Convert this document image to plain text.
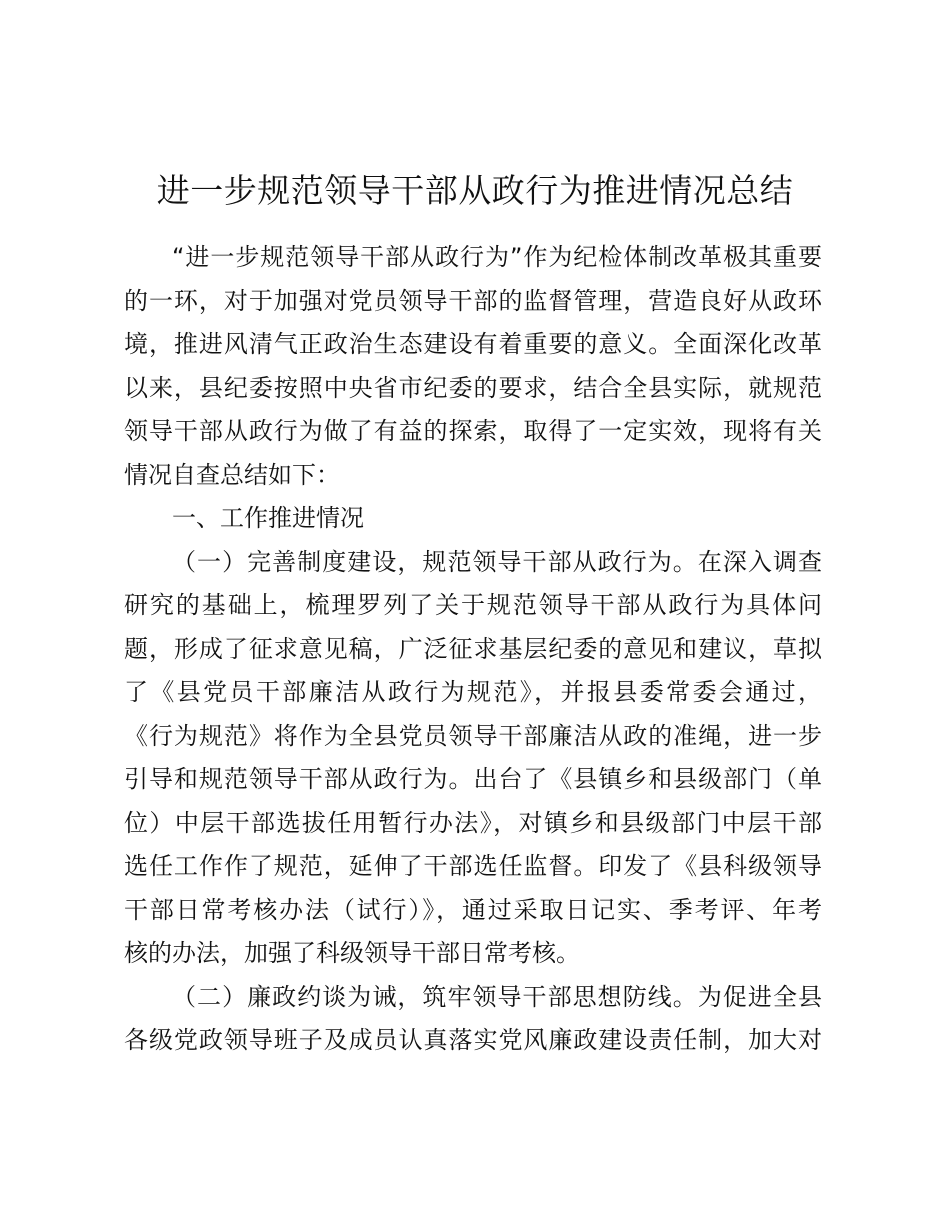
进一步规范领导干部从政行为推进情况总结
“进一步规范领导干部从政行为”作为纪检体制改革极其重要
的一环，对于加强对党员领导干部的监督管理，营造良好从政环
境，推进风清气正政治生态建设有着重要的意义。全面深化改革
以来，县纪委按照中央省市纪委的要求，结合全县实际，就规范
领导干部从政行为做了有益的探索，取得了一定实效，现将有关
情况自查总结如下：
一、工作推进情况
（一）完善制度建设，规范领导干部从政行为。在深入调查
研究的基础上，梳理罗列了关于规范领导干部从政行为具体问
题，形成了征求意见稿，广泛征求基层纪委的意见和建议，草拟
了《县党员干部廉洁从政行为规范》，并报县委常委会通过，
《行为规范》将作为全县党员领导干部廉洁从政的准绳，进一步
引导和规范领导干部从政行为。出台了《县镇乡和县级部门（单
位）中层干部选拔任用暂行办法》，对镇乡和县级部门中层干部
选任工作作了规范，延伸了干部选任监督。印发了《县科级领导
干部日常考核办法（试行）》，通过采取日记实、季考评、年考
核的办法，加强了科级领导干部日常考核。
（二）廉政约谈为诫，筑牢领导干部思想防线。为促进全县
各级党政领导班子及成员认真落实党风廉政建设责任制，加大对
